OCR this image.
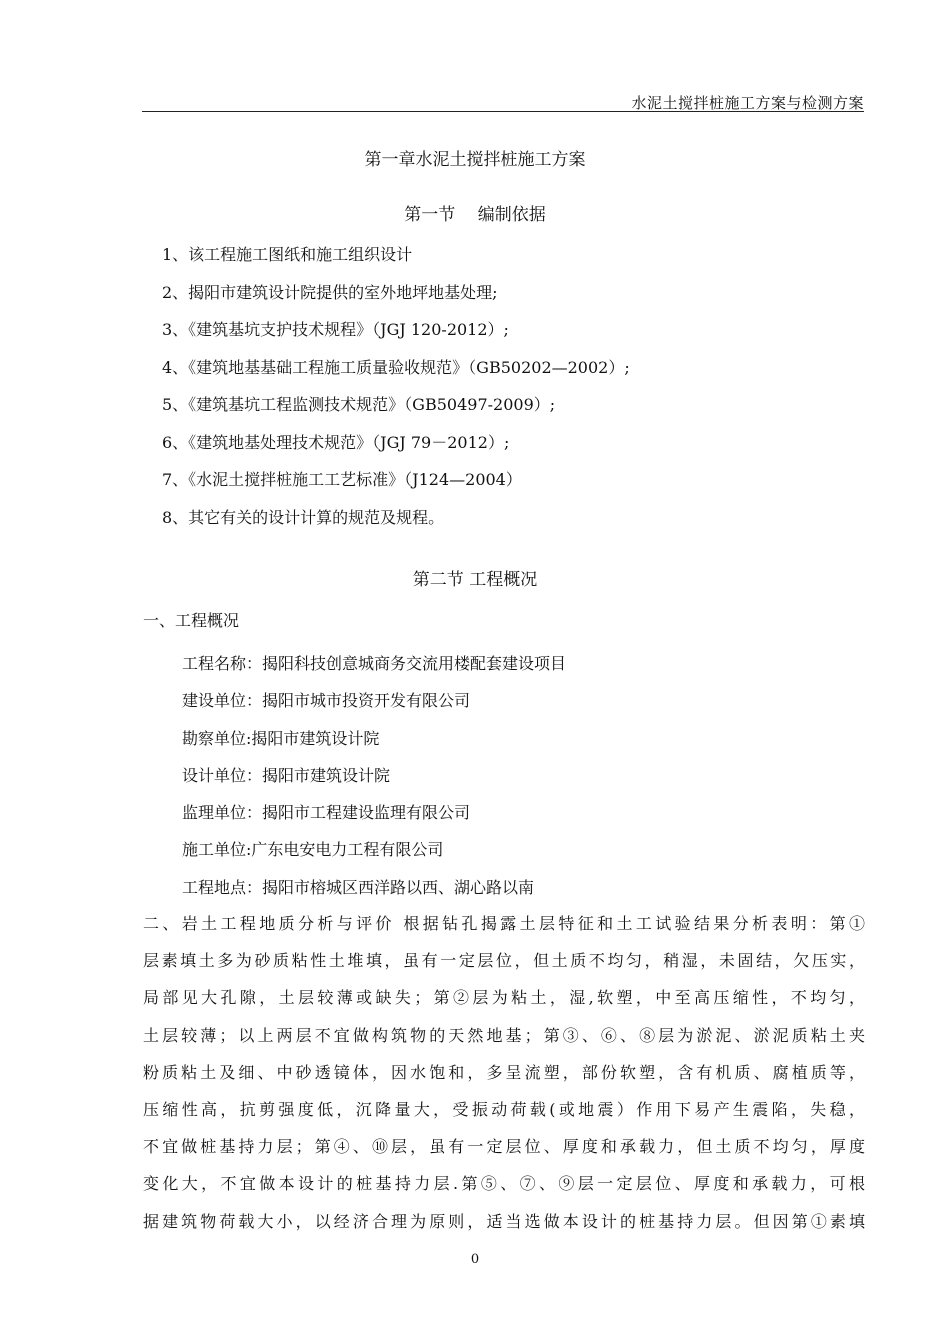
水泥土搅拌桩施工方案与检测方案
第一章水泥土搅拌桩施工方案
第一节　 编制依据
1、该工程施工图纸和施工组织设计
2、揭阳市建筑设计院提供的室外地坪地基处理;
3、《建筑基坑支护技术规程》（JGJ 120-2012）;
4、《建筑地基基础工程施工质量验收规范》（GB50202—2002）;
5、《建筑基坑工程监测技术规范》（GB50497-2009）;
6、《建筑地基处理技术规范》（JGJ 79－2012）;
7、《水泥土搅拌桩施工工艺标准》（J124—2004）
8、其它有关的设计计算的规范及规程。
第二节 工程概况
一、工程概况
工程名称：揭阳科技创意城商务交流用楼配套建设项目
建设单位：揭阳市城市投资开发有限公司
勘察单位:揭阳市建筑设计院
设计单位：揭阳市建筑设计院
监理单位：揭阳市工程建设监理有限公司
施工单位:广东电安电力工程有限公司
工程地点：揭阳市榕城区西洋路以西、湖心路以南
二、岩土工程地质分析与评价 根据钻孔揭露土层特征和土工试验结果分析表明：第①
层素填土多为砂质粘性土堆填，虽有一定层位，但土质不均匀，稍湿，未固结，欠压实，
局部见大孔隙，土层较薄或缺失；第②层为粘土，湿,软塑，中至高压缩性，不均匀，
土层较薄；以上两层不宜做构筑物的天然地基；第③、⑥、⑧层为淤泥、淤泥质粘土夹
粉质粘土及细、中砂透镜体，因水饱和，多呈流塑，部份软塑，含有机质、腐植质等，
压缩性高，抗剪强度低，沉降量大，受振动荷载(或地震）作用下易产生震陷，失稳，
不宜做桩基持力层；第④、⑩层，虽有一定层位、厚度和承载力，但土质不均匀，厚度
变化大，不宜做本设计的桩基持力层.第⑤、⑦、⑨层一定层位、厚度和承载力，可根
据建筑物荷载大小，以经济合理为原则，适当选做本设计的桩基持力层。但因第①素填
0
